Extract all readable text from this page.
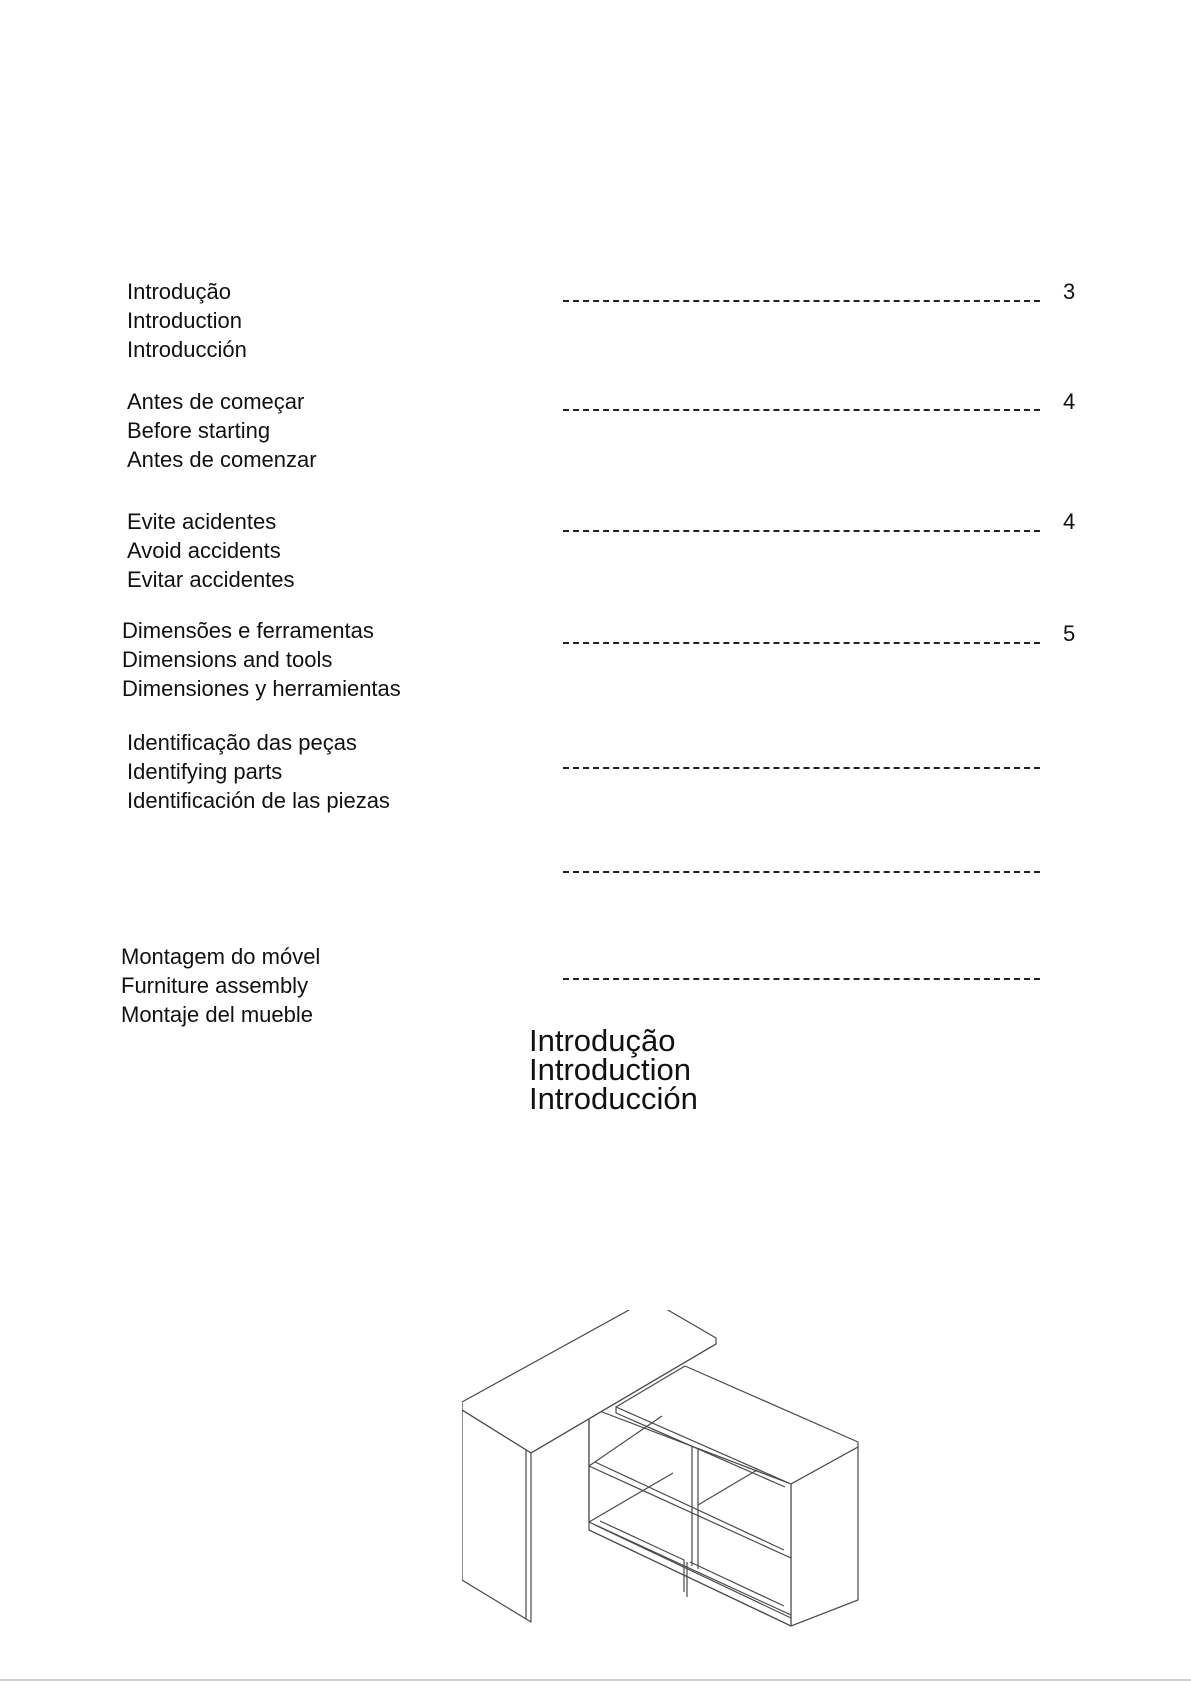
Introdução
Introduction
Introducción
3
Antes de começar
Before starting
Antes de comenzar
4
Evite acidentes
Avoid accidents
Evitar accidentes
4
Dimensões e ferramentas
Dimensions and tools
Dimensiones y herramientas
5
Identificação das peças
Identifying parts
Identificación de las piezas
Montagem do móvel
Furniture assembly
Montaje del mueble
Introdução
Introduction
Introducción
